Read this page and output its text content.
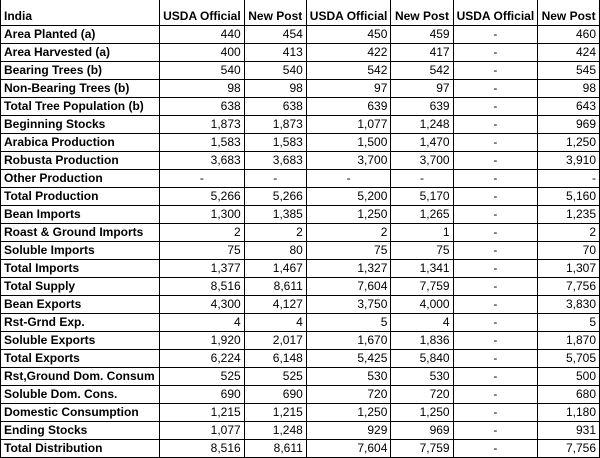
India	USDA Official	New Post	USDA Official	New Post	USDA Official	New Post
Area Planted (a)	440	454	450	459	-	460
Area Harvested (a)	400	413	422	417	-	424
Bearing Trees (b)	540	540	542	542	-	545
Non-Bearing Trees (b)	98	98	97	97	-	98
Total Tree Population (b)	638	638	639	639	-	643
Beginning Stocks	1,873	1,873	1,077	1,248	-	969
Arabica Production	1,583	1,583	1,500	1,470	-	1,250
Robusta Production	3,683	3,683	3,700	3,700	-	3,910
Other Production	-	-	-	-	-	-
Total Production	5,266	5,266	5,200	5,170	-	5,160
Bean Imports	1,300	1,385	1,250	1,265	-	1,235
Roast & Ground Imports	2	2	2	1	-	2
Soluble Imports	75	80	75	75	-	70
Total Imports	1,377	1,467	1,327	1,341	-	1,307
Total Supply	8,516	8,611	7,604	7,759	-	7,756
Bean Exports	4,300	4,127	3,750	4,000	-	3,830
Rst-Grnd Exp.	4	4	5	4	-	5
Soluble Exports	1,920	2,017	1,670	1,836	-	1,870
Total Exports	6,224	6,148	5,425	5,840	-	5,705
Rst,Ground Dom. Consum	525	525	530	530	-	500
Soluble Dom. Cons.	690	690	720	720	-	680
Domestic Consumption	1,215	1,215	1,250	1,250	-	1,180
Ending Stocks	1,077	1,248	929	969	-	931
Total Distribution	8,516	8,611	7,604	7,759	-	7,756
